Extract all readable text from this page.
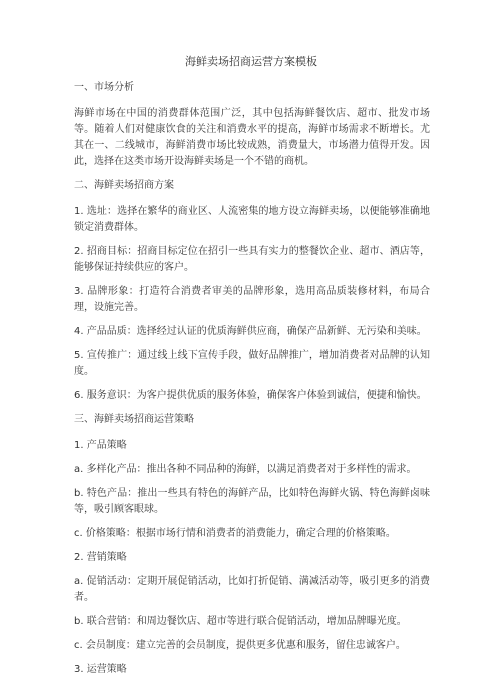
海鲜卖场招商运营方案模板

一、市场分析

海鲜市场在中国的消费群体范围广泛，其中包括海鲜餐饮店、超市、批发市场等。随着人们对健康饮食的关注和消费水平的提高，海鲜市场需求不断增长。尤其在一、二线城市，海鲜消费市场比较成熟，消费量大，市场潜力值得开发。因此，选择在这类市场开设海鲜卖场是一个不错的商机。

二、海鲜卖场招商方案

1. 选址：选择在繁华的商业区、人流密集的地方设立海鲜卖场，以便能够准确地锁定消费群体。

2. 招商目标：招商目标定位在招引一些具有实力的整餐饮企业、超市、酒店等，能够保证持续供应的客户。

3. 品牌形象：打造符合消费者审美的品牌形象，选用高品质装修材料，布局合理，设施完善。

4. 产品品质：选择经过认证的优质海鲜供应商，确保产品新鲜、无污染和美味。

5. 宣传推广：通过线上线下宣传手段，做好品牌推广，增加消费者对品牌的认知度。

6. 服务意识：为客户提供优质的服务体验，确保客户体验到诚信，便捷和愉快。

三、海鲜卖场招商运营策略

1. 产品策略

a. 多样化产品：推出各种不同品种的海鲜，以满足消费者对于多样性的需求。

b. 特色产品：推出一些具有特色的海鲜产品，比如特色海鲜火锅、特色海鲜卤味等，吸引顾客眼球。

c. 价格策略：根据市场行情和消费者的消费能力，确定合理的价格策略。

2. 营销策略

a. 促销活动：定期开展促销活动，比如打折促销、满减活动等，吸引更多的消费者。

b. 联合营销：和周边餐饮店、超市等进行联合促销活动，增加品牌曝光度。

c. 会员制度：建立完善的会员制度，提供更多优惠和服务，留住忠诚客户。

3. 运营策略
